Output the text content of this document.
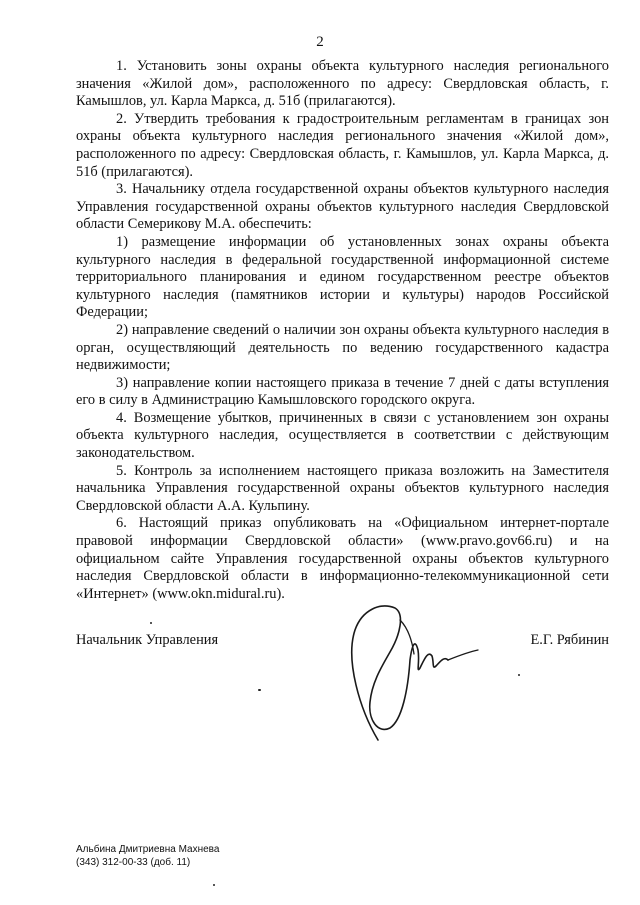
2

1. Установить зоны охраны объекта культурного наследия регионального значения «Жилой дом», расположенного по адресу: Свердловская область, г. Камышлов, ул. Карла Маркса, д. 51б (прилагаются).

2. Утвердить требования к градостроительным регламентам в границах зон охраны объекта культурного наследия регионального значения «Жилой дом», расположенного по адресу: Свердловская область, г. Камышлов, ул. Карла Маркса, д. 51б (прилагаются).

3. Начальнику отдела государственной охраны объектов культурного наследия Управления государственной охраны объектов культурного наследия Свердловской области Семерикову М.А. обеспечить:

1) размещение информации об установленных зонах охраны объекта культурного наследия в федеральной государственной информационной системе территориального планирования и едином государственном реестре объектов культурного наследия (памятников истории и культуры) народов Российской Федерации;

2) направление сведений о наличии зон охраны объекта культурного наследия в орган, осуществляющий деятельность по ведению государственного кадастра недвижимости;

3) направление копии настоящего приказа в течение 7 дней с даты вступления его в силу в Администрацию Камышловского городского округа.

4. Возмещение убытков, причиненных в связи с установлением зон охраны объекта культурного наследия, осуществляется в соответствии с действующим законодательством.

5. Контроль за исполнением настоящего приказа возложить на Заместителя начальника Управления государственной охраны объектов культурного наследия Свердловской области А.А. Кульпину.

6. Настоящий приказ опубликовать на «Официальном интернет-портале правовой информации Свердловской области» (www.pravo.gov66.ru) и на официальном сайте Управления государственной охраны объектов культурного наследия Свердловской области в информационно-телекоммуникационной сети «Интернет» (www.okn.midural.ru).

Начальник Управления	Е.Г. Рябинин
Альбина Дмитриевна Махнева
(343) 312-00-33 (доб. 11)
